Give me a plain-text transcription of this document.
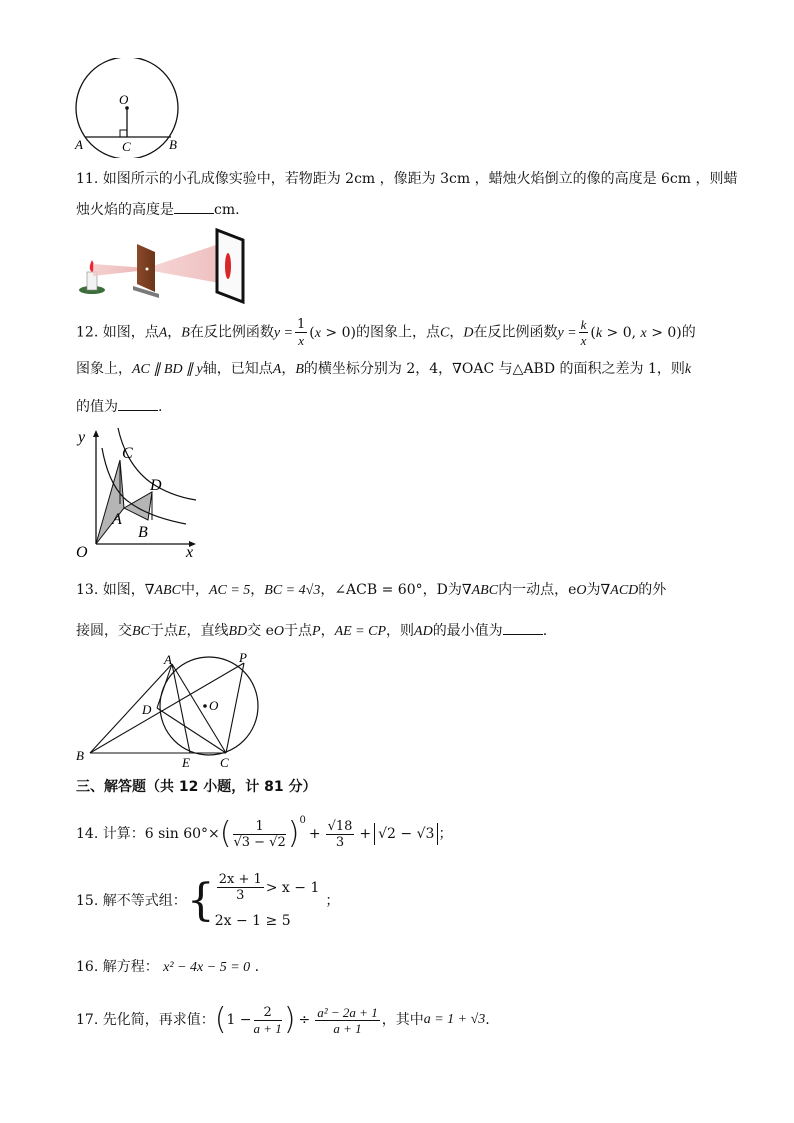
O
C
A	B
11. 如图所示的小孔成像实验中，若物距为 2cm ，像距为 3cm ，蜡烛火焰倒立的像的高度是 6cm ，则蜡
烛火焰的高度是	cm.
12. 如图，点A，B在反比例函数$y = \frac{1}{x} (x > 0)$的图象上，点C，D在反比例函数$y = \frac{k}{x} (k > 0$, x > 0)的
图象上，AC ∥ BD ∥ y轴，已知点A，B的横坐标分别为 2，4，∇OAC 与△ABD 的面积之差为 1，则k
的值为	.
y
C
D
A
B
O	x
13. 如图，∇ABC中，AC = 5，BC = 4√3，∠ACB = 60°，D为∇ABC内一动点，eO为∇ACD的外
接圆，交BC于点E，直线BD交 eO于点P，AE = CP，则AD的最小值为	.
A	P
D	O
B	E C
三、解答题（共 12 小题，计 81 分）
14.
计算： 6 sin 60°× ( $\frac{1}{√3 - √2} )^0$
+ $\frac{√18}{3} + √2 - √3$ ；
15.
解不等式组： { $\frac{2x + 1}{3} > x - 1$
2x − 1 ≥ 5
；
16. 解方程： x² − 4x − 5 = 0 .
17.
先化简，再求值： ( $1 - \frac{2}{a + 1}$ ) ÷ $\frac{\text{a² − 2a + 1}}{a + 1}$ ，其中 a = 1 + √3 .
